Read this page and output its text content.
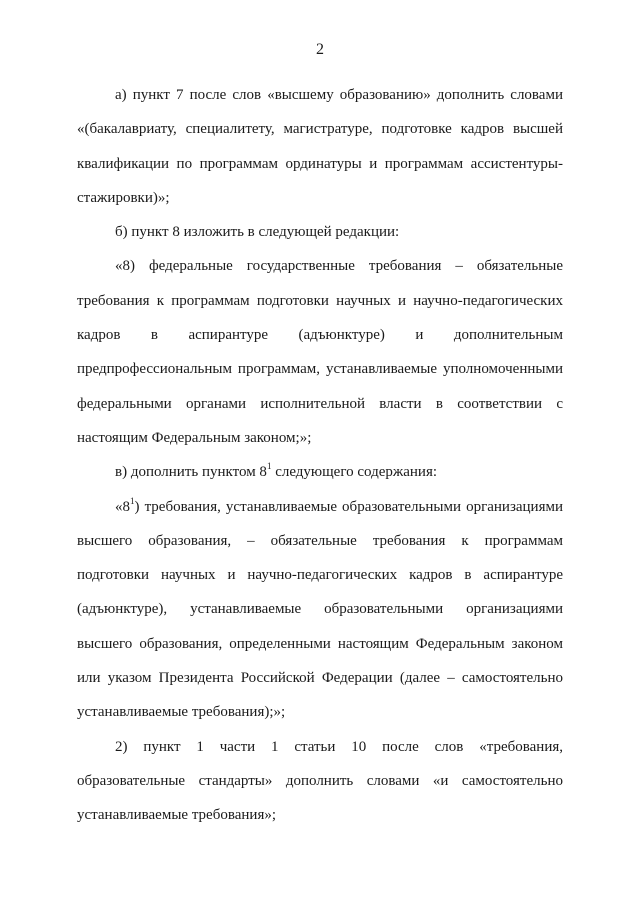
2

а) пункт 7 после слов «высшему образованию» дополнить словами «(бакалавриату, специалитету, магистратуре, подготовке кадров высшей квалификации по программам ординатуры и программам ассистентуры-стажировки)»;

б) пункт 8 изложить в следующей редакции:

«8) федеральные государственные требования – обязательные требования к программам подготовки научных и научно-педагогических кадров в аспирантуре (адъюнктуре) и дополнительным предпрофессиональным программам, устанавливаемые уполномоченными федеральными органами исполнительной власти в соответствии с настоящим Федеральным законом;»;

в) дополнить пунктом $8^1$ следующего содержания:

«$8^1$) требования, устанавливаемые образовательными организациями высшего образования, – обязательные требования к программам подготовки научных и научно-педагогических кадров в аспирантуре (адъюнктуре), устанавливаемые образовательными организациями высшего образования, определенными настоящим Федеральным законом или указом Президента Российской Федерации (далее – самостоятельно устанавливаемые требования);»;

2) пункт 1 части 1 статьи 10 после слов «требования, образовательные стандарты» дополнить словами «и самостоятельно устанавливаемые требования»;
